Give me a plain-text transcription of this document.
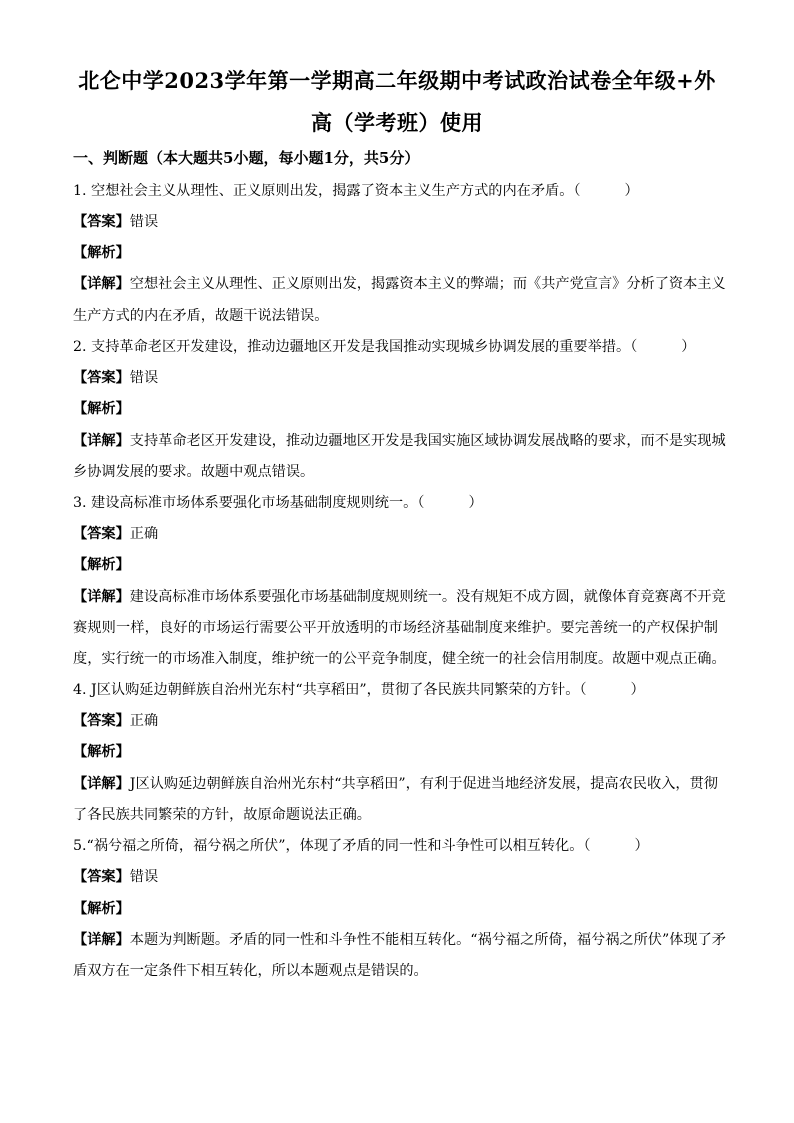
北仑中学2023学年第一学期高二年级期中考试政治试卷全年级+外
高（学考班）使用
一、判断题（本大题共5小题，每小题1分，共5分）
1. 空想社会主义从理性、正义原则出发，揭露了资本主义生产方式的内在矛盾。（	）
【答案】错误
【解析】
【详解】空想社会主义从理性、正义原则出发，揭露资本主义的弊端；而《共产党宣言》分析了资本主义
生产方式的内在矛盾，故题干说法错误。
2. 支持革命老区开发建设，推动边疆地区开发是我国推动实现城乡协调发展的重要举措。（	）
【答案】错误
【解析】
【详解】支持革命老区开发建设，推动边疆地区开发是我国实施区域协调发展战略的要求，而不是实现城
乡协调发展的要求。故题中观点错误。
3. 建设高标准市场体系要强化市场基础制度规则统一。（	）
【答案】正确
【解析】
【详解】建设高标准市场体系要强化市场基础制度规则统一。没有规矩不成方圆，就像体育竞赛离不开竞
赛规则一样，良好的市场运行需要公平开放透明的市场经济基础制度来维护。要完善统一的产权保护制
度，实行统一的市场准入制度，维护统一的公平竞争制度，健全统一的社会信用制度。故题中观点正确。
4. J区认购延边朝鲜族自治州光东村“共享稻田”，贯彻了各民族共同繁荣的方针。（	）
【答案】正确
【解析】
【详解】J区认购延边朝鲜族自治州光东村“共享稻田”，有利于促进当地经济发展，提高农民收入，贯彻
了各民族共同繁荣的方针，故原命题说法正确。
5.“祸兮福之所倚，福兮祸之所伏”，体现了矛盾的同一性和斗争性可以相互转化。（	）
【答案】错误
【解析】
【详解】本题为判断题。矛盾的同一性和斗争性不能相互转化。“祸兮福之所倚，福兮祸之所伏”体现了矛
盾双方在一定条件下相互转化，所以本题观点是错误的。
